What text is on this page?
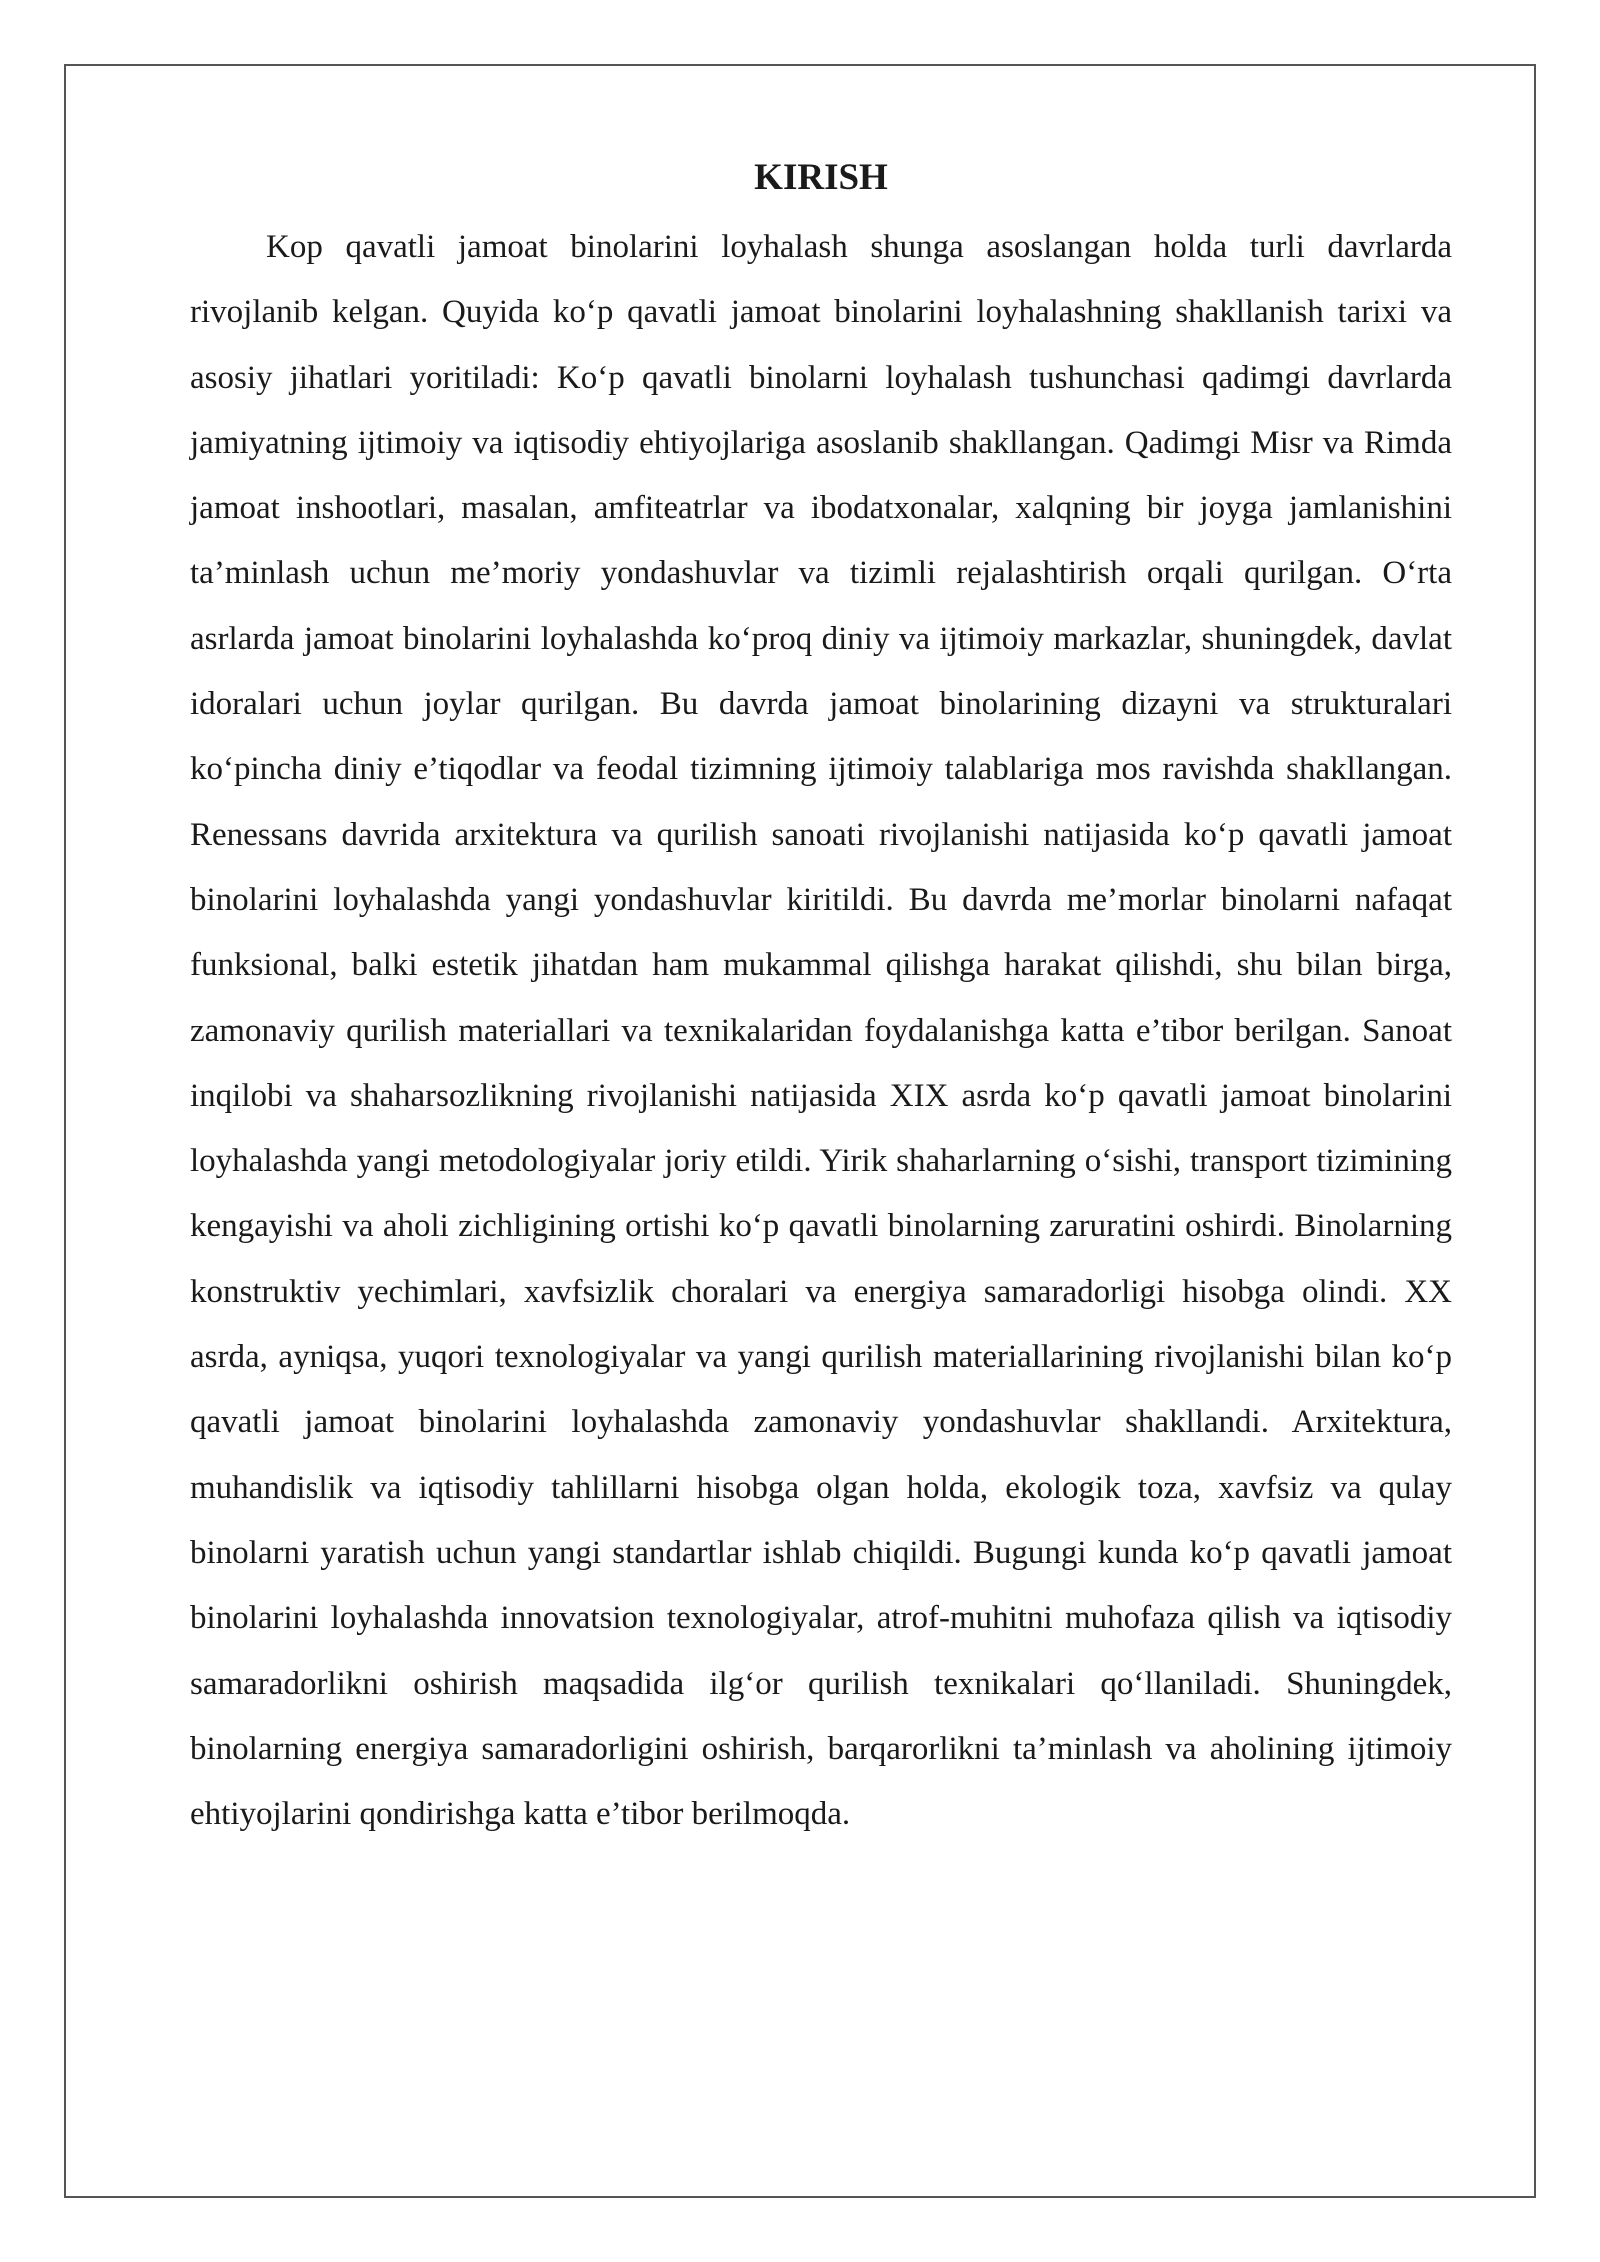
KIRISH

Kop qavatli jamoat binolarini loyhalash shunga asoslangan holda turli davrlarda rivojlanib kelgan. Quyida koʻp qavatli jamoat binolarini loyhalashning shakllanish tarixi va asosiy jihatlari yoritiladi: Koʻp qavatli binolarni loyhalash tushunchasi qadimgi davrlarda jamiyatning ijtimoiy va iqtisodiy ehtiyojlariga asoslanib shakllangan. Qadimgi Misr va Rimda jamoat inshootlari, masalan, amfiteatrlar va ibodatxonalar, xalqning bir joyga jamlanishini ta’minlash uchun me’moriy yondashuvlar va tizimli rejalashtirish orqali qurilgan. Oʻrta asrlarda jamoat binolarini loyhalashda koʻproq diniy va ijtimoiy markazlar, shuningdek, davlat idoralari uchun joylar qurilgan. Bu davrda jamoat binolarining dizayni va strukturalari koʻpincha diniy e’tiqodlar va feodal tizimning ijtimoiy talablariga mos ravishda shakllangan. Renessans davrida arxitektura va qurilish sanoati rivojlanishi natijasida koʻp qavatli jamoat binolarini loyhalashda yangi yondashuvlar kiritildi. Bu davrda me’morlar binolarni nafaqat funksional, balki estetik jihatdan ham mukammal qilishga harakat qilishdi, shu bilan birga, zamonaviy qurilish materiallari va texnikalaridan foydalanishga katta e’tibor berilgan. Sanoat inqilobi va shaharsozlikning rivojlanishi natijasida XIX asrda koʻp qavatli jamoat binolarini loyhalashda yangi metodologiyalar joriy etildi. Yirik shaharlarning oʻsishi, transport tizimining kengayishi va aholi zichligining ortishi koʻp qavatli binolarning zaruratini oshirdi. Binolarning konstruktiv yechimlari, xavfsizlik choralari va energiya samaradorligi hisobga olindi. XX asrda, ayniqsa, yuqori texnologiyalar va yangi qurilish materiallarining rivojlanishi bilan koʻp qavatli jamoat binolarini loyhalashda zamonaviy yondashuvlar shakllandi. Arxitektura, muhandislik va iqtisodiy tahlillarni hisobga olgan holda, ekologik toza, xavfsiz va qulay binolarni yaratish uchun yangi standartlar ishlab chiqildi. Bugungi kunda koʻp qavatli jamoat binolarini loyhalashda innovatsion texnologiyalar, atrof-muhitni muhofaza qilish va iqtisodiy samaradorlikni oshirish maqsadida ilgʻor qurilish texnikalari qoʻllaniladi. Shuningdek, binolarning energiya samaradorligini oshirish, barqarorlikni ta’minlash va aholining ijtimoiy ehtiyojlarini qondirishga katta e’tibor berilmoqda.
